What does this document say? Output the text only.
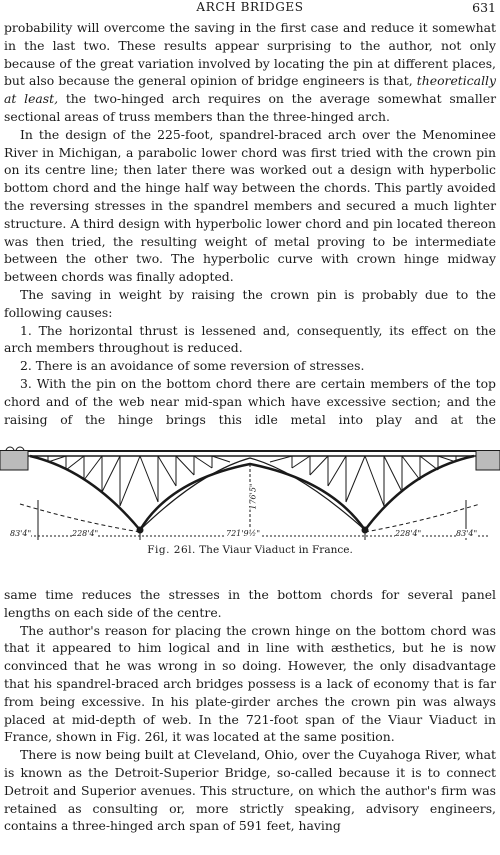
ARCH BRIDGES	631

probability will overcome the saving in the first case and reduce it somewhat in the last two. These results appear surprising to the author, not only because of the great variation involved by locating the pin at different places, but also because the general opinion of bridge engineers is that, theoretically at least, the two-hinged arch requires on the average somewhat smaller sectional areas of truss members than the three-hinged arch.

In the design of the 225-foot, spandrel-braced arch over the Menominee River in Michigan, a parabolic lower chord was first tried with the crown pin on its centre line; then later there was worked out a design with hyperbolic bottom chord and the hinge half way between the chords. This partly avoided the reversing stresses in the spandrel members and secured a much lighter structure. A third design with hyperbolic lower chord and pin located thereon was then tried, the resulting weight of metal proving to be intermediate between the other two. The hyperbolic curve with crown hinge midway between chords was finally adopted.

The saving in weight by raising the crown pin is probably due to the following causes:

1. The horizontal thrust is lessened and, consequently, its effect on the arch members throughout is reduced.

2. There is an avoidance of some reversion of stresses.

3. With the pin on the bottom chord there are certain members of the top chord and of the web near mid-span which have excessive section; and the raising of the hinge brings this idle metal into play and at the

83'4"	228'4"	721'9½"
176'5"
228'4"	83'4"
Fig. 26l. The Viaur Viaduct in France.

same time reduces the stresses in the bottom chords for several panel lengths on each side of the centre.

The author's reason for placing the crown hinge on the bottom chord was that it appeared to him logical and in line with æsthetics, but he is now convinced that he was wrong in so doing. However, the only disadvantage that his spandrel-braced arch bridges possess is a lack of economy that is far from being excessive. In his plate-girder arches the crown pin was always placed at mid-depth of web. In the 721-foot span of the Viaur Viaduct in France, shown in Fig. 26l, it was located at the same position.

There is now being built at Cleveland, Ohio, over the Cuyahoga River, what is known as the Detroit-Superior Bridge, so-called because it is to connect Detroit and Superior avenues. This structure, on which the author's firm was retained as consulting or, more strictly speaking, advisory engineers, contains a three-hinged arch span of 591 feet, having
